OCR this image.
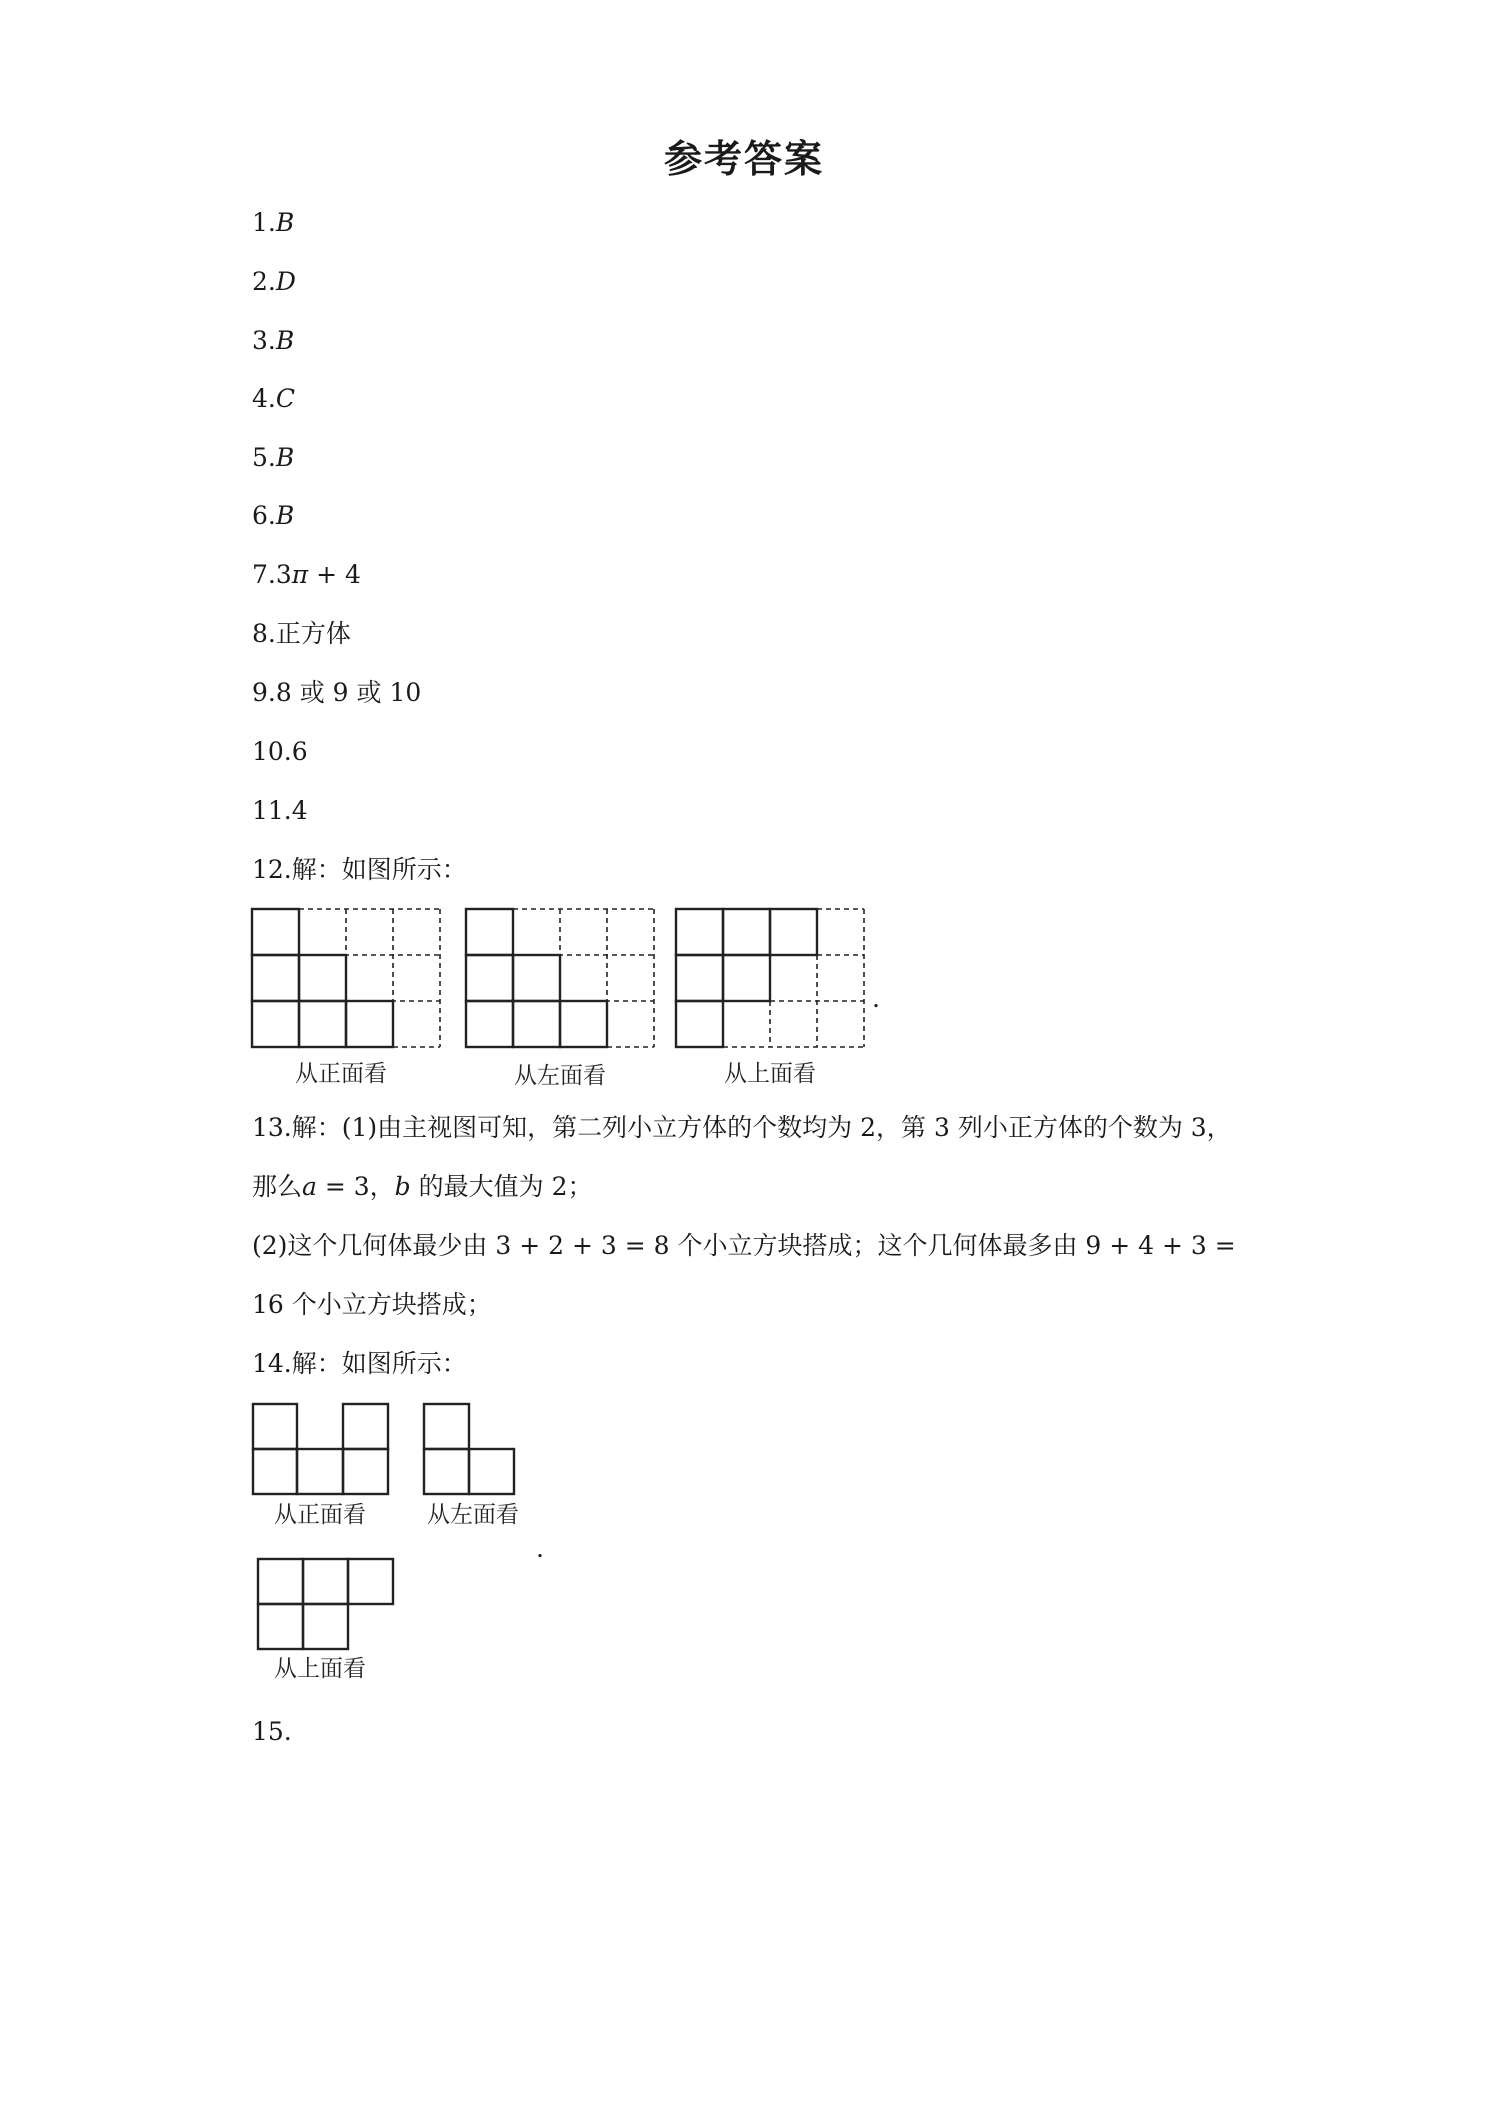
参考答案
1.B
2.D
3.B
4.C
5.B
6.B
7.3π + 4
8.正方体
9.8 或 9 或 10
10.6
11.4
12.解：如图所示：
从正面看	从左面看	从上面看
.
13.解：(1)由主视图可知，第二列小立方体的个数均为 2，第 3 列小正方体的个数为 3，
那么a = 3，b 的最大值为 2；
(2)这个几何体最少由 3 + 2 + 3 = 8 个小立方块搭成；这个几何体最多由 9 + 4 + 3 =
16 个小立方块搭成；
14.解：如图所示：
从正面看	从左面看
从上面看
.
15.
